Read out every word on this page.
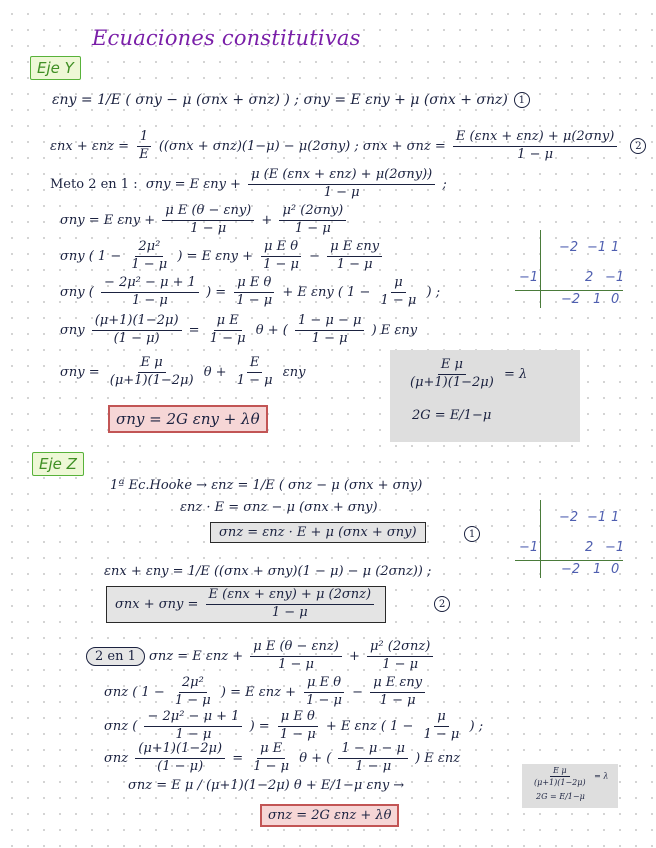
Ecuaciones constitutivas
Eje Y
εny = 1/E ( σny − μ (σnx + σnz) ) ; σny = E εny + μ (σnx + σnz) 1
$\varepsilon nx + \varepsilon nz = \frac{1}{E} ((\sigma nx + \sigma nz)(1-\mu) - \mu(2\sigma ny)$ ; $\sigma nx + \sigma nz = \frac{\text{E (εnx + εnz) + μ(2σny)}}{1 - \mu} 2$
Meto 2 en 1 : σny = E $\varepsilon ny + \frac{\text{μ (E (εnx + εnz) + μ(2σny))}}{1 - \mu}$ ;
σny = E $\varepsilon ny + \frac{\text{μ E (θ − εny)}}{1 - \mu} + \frac{\text{μ² (2σny)}}{1 - \mu}$
σny ( $1 - \frac{\text{2μ²}}{1 - \mu}$ ) = E $\varepsilon ny + \frac{\text{μ E θ}}{1 - \mu} - \frac{\text{μ E εny}}{1 - \mu}$
σny ( $\frac{\text{− 2μ² − μ + 1}}{1 - \mu}$ ) = $\frac{\text{μ E θ}}{1 - \mu} + E$ εny ( $1 - \frac{\mu}{1 - \mu}$ ) ;
σny $\frac{(\mu+1)(1-2\mu)}{(1 - \mu)} = \frac{\text{μ E}}{1 - \mu}$ θ + ( $\frac{1 - \mu - \mu}{1 - \mu}$ ) E εny
$\sigma ny = \frac{\text{E μ}}{(\mu+1)(1-2\mu)}$ $\theta + \frac{E}{1 - \mu}$ εny
σny = 2G εny + λθ
$\frac{\text{E μ}}{(\mu+1)(1-2\mu)} = \lambda$
2G = E/1−μ
−2 −1 1
−1	2 −1
−2 1 0
Eje Z
1ª Ec.Hooke → εnz = 1/E ( σnz − μ (σnx + σny)
εnz · E = σnz − μ (σnx + σny)
σnz = εnz · E + μ (σnx + σny)	1
εnx + εny = 1/E ((σnx + σny)(1 − μ) − μ (2σnz)) ;
$\sigma nx + \sigma ny = \frac{\text{E (εnx + εny) + μ (2σnz)}}{1 - \mu}$	2
−2 −1 1
−1	2 −1
−2 1 0
2 en 1 σnz = E $\varepsilon nz + \frac{\text{μ E (θ − εnz)}}{1 - \mu} + \frac{\text{μ² (2σnz)}}{1 - \mu}$
σnz ( $1 - \frac{\text{2μ²}}{1 - \mu}$ ) = E $\varepsilon nz + \frac{\text{μ E θ}}{1 - \mu} - \frac{\text{μ E εny}}{1 - \mu}$
σnz ( $\frac{\text{− 2μ² − μ + 1}}{1 - \mu}$ ) = $\frac{\text{μ E θ}}{1 - \mu} + E$ εnz ( $1 - \frac{\mu}{1 - \mu}$ ) ;
σnz $\frac{(\mu+1)(1-2\mu)}{(1 - \mu)} = \frac{\text{μ E}}{1 - \mu}$ θ + ( $\frac{1 - \mu - \mu}{1 - \mu}$ ) E εnz
σnz = E μ / (μ+1)(1−2μ) θ + E/1−μ εny →
σnz = 2G εnz + λθ
$\frac{\text{E μ}}{(\mu+1)(1-2\mu)} = \lambda$
2G = E/1−μ
